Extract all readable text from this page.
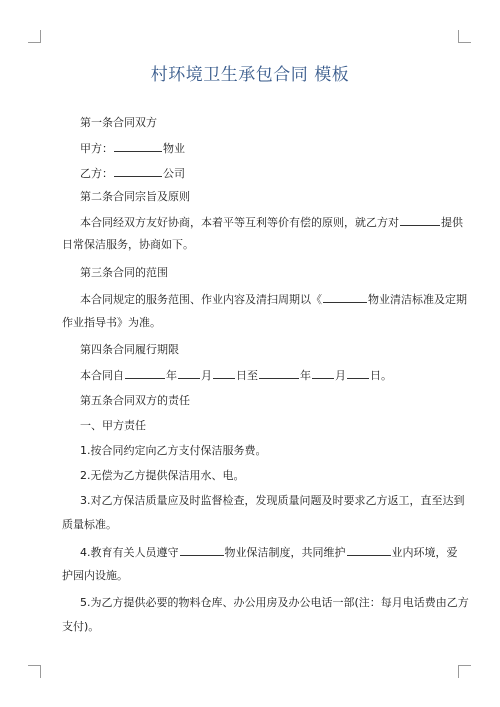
村环境卫生承包合同 模板
第一条合同双方
甲方：	物业
乙方：	公司
第二条合同宗旨及原则
本合同经双方友好协商，本着平等互利等价有偿的原则，就乙方对	提供
日常保洁服务，协商如下。
第三条合同的范围
本合同规定的服务范围、作业内容及清扫周期以《	物业清洁标准及定期
作业指导书》为准。
第四条合同履行期限
本合同自	年 月 日至	年 月 日。
第五条合同双方的责任
一、甲方责任
1.按合同约定向乙方支付保洁服务费。
2.无偿为乙方提供保洁用水、电。
3.对乙方保洁质量应及时监督检查，发现质量问题及时要求乙方返工，直至达到
质量标准。
4.教育有关人员遵守	物业保洁制度，共同维护	业内环境，爱
护园内设施。
5.为乙方提供必要的物料仓库、办公用房及办公电话一部(注：每月电话费由乙方
支付)。
